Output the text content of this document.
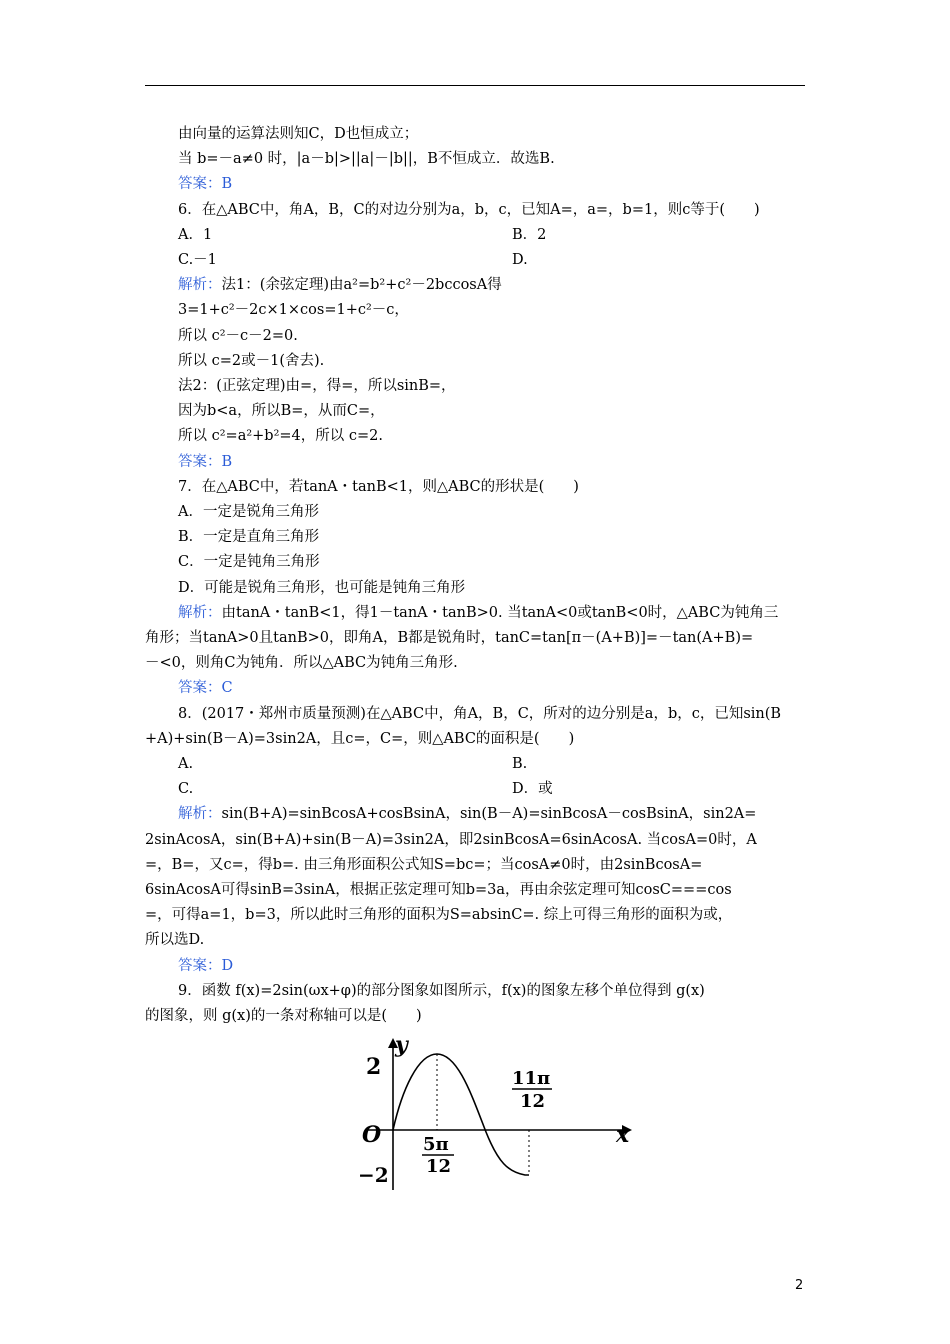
由向量的运算法则知C，D也恒成立；
当 b=－a≠0 时，|a－b|>||a|－|b||，B不恒成立．故选B.
答案：B
6．在△ABC中，角A，B，C的对边分别为a，b，c，已知A=，a=，b=1，则c等于(　　)
A．1	B．2
C.－1	D.
解析：法1：(余弦定理)由a²=b²+c²－2bccosA得
3=1+c²－2c×1×cos=1+c²－c，
所以 c²－c－2=0.
所以 c=2或－1(舍去).
法2：(正弦定理)由=，得=，所以sinB=，
因为b<a，所以B=，从而C=，
所以 c²=a²+b²=4，所以 c=2.
答案：B
7．在△ABC中，若tanA・tanB<1，则△ABC的形状是(　　)
A．一定是锐角三角形
B．一定是直角三角形
C．一定是钝角三角形
D．可能是锐角三角形，也可能是钝角三角形
解析：由tanA・tanB<1，得1－tanA・tanB>0. 当tanA<0或tanB<0时，△ABC为钝角三
角形；当tanA>0且tanB>0，即角A，B都是锐角时，tanC=tan[π－(A+B)]=－tan(A+B)=
－<0，则角C为钝角．所以△ABC为钝角三角形.
答案：C
8．(2017・郑州市质量预测)在△ABC中，角A，B，C，所对的边分别是a，b，c，已知sin(B
+A)+sin(B－A)=3sin2A，且c=，C=，则△ABC的面积是(　　)
A.	B.
C.	D．或
解析：sin(B+A)=sinBcosA+cosBsinA，sin(B－A)=sinBcosA－cosBsinA，sin2A=
2sinAcosA，sin(B+A)+sin(B－A)=3sin2A，即2sinBcosA=6sinAcosA. 当cosA=0时，A
=，B=，又c=，得b=. 由三角形面积公式知S=bc=；当cosA≠0时，由2sinBcosA=
6sinAcosA可得sinB=3sinA，根据正弦定理可知b=3a，再由余弦定理可知cosC===cos
=，可得a=1，b=3，所以此时三角形的面积为S=absinC=. 综上可得三角形的面积为或，
所以选D.
答案：D
9．函数 f(x)=2sin(ωx+φ)的部分图象如图所示，f(x)的图象左移个单位得到 g(x)
的图象，则 g(x)的一条对称轴可以是(　　)
2
−2
O
y
x
5π
12
11π
12
2
